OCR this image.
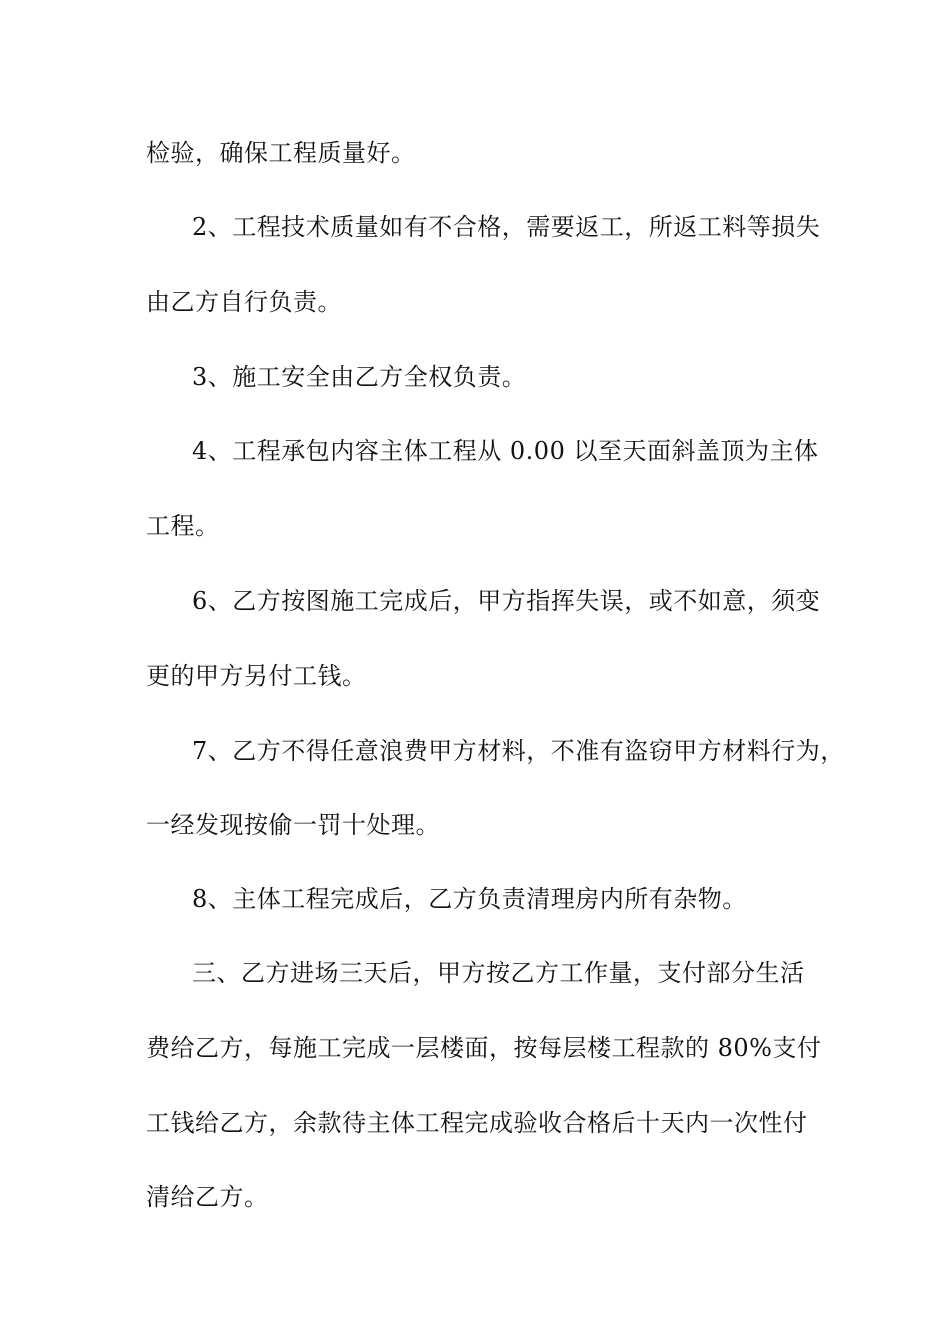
检验，确保工程质量好。
2、工程技术质量如有不合格，需要返工，所返工料等损失
由乙方自行负责。
3、施工安全由乙方全权负责。
4、工程承包内容主体工程从 0.00 以至天面斜盖顶为主体
工程。
6、乙方按图施工完成后，甲方指挥失误，或不如意，须变
更的甲方另付工钱。
7、乙方不得任意浪费甲方材料，不准有盗窃甲方材料行为，
一经发现按偷一罚十处理。
8、主体工程完成后，乙方负责清理房内所有杂物。
三、乙方进场三天后，甲方按乙方工作量，支付部分生活
费给乙方，每施工完成一层楼面，按每层楼工程款的 80%支付
工钱给乙方，余款待主体工程完成验收合格后十天内一次性付
清给乙方。
